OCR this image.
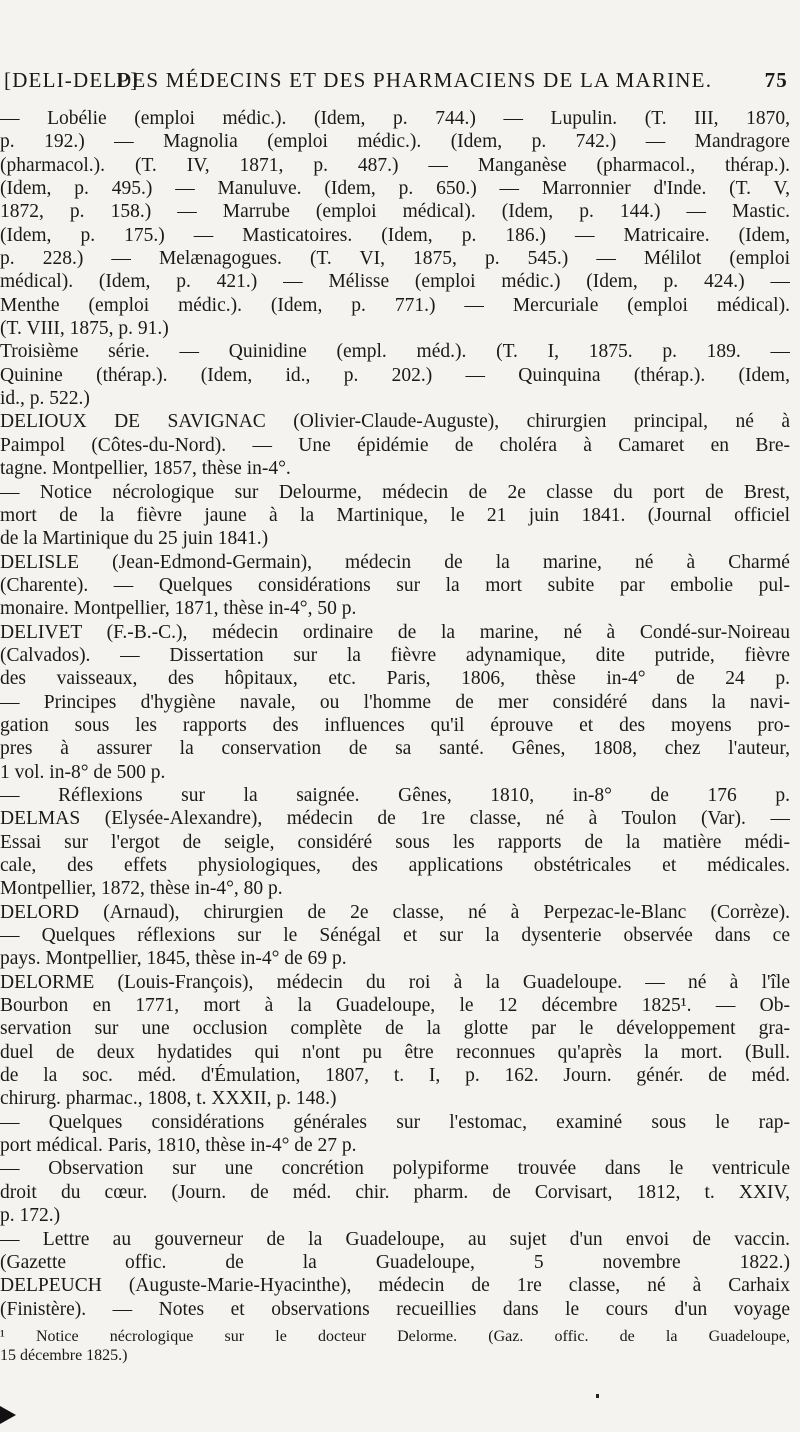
[DELI-DELP]
DES MÉDECINS ET DES PHARMACIENS DE LA MARINE. 75
— Lobélie (emploi médic.). (Idem, p. 744.) — Lupulin. (T. III, 1870,
p. 192.) — Magnolia (emploi médic.). (Idem, p. 742.) — Mandragore
(pharmacol.). (T. IV, 1871, p. 487.) — Manganèse (pharmacol., thérap.).
(Idem, p. 495.) — Manuluve. (Idem, p. 650.) — Marronnier d'Inde. (T. V,
1872, p. 158.) — Marrube (emploi médical). (Idem, p. 144.) — Mastic.
(Idem, p. 175.) — Masticatoires. (Idem, p. 186.) — Matricaire. (Idem,
p. 228.) — Melænagogues. (T. VI, 1875, p. 545.) — Mélilot (emploi
médical). (Idem, p. 421.) — Mélisse (emploi médic.) (Idem, p. 424.) —
Menthe (emploi médic.). (Idem, p. 771.) — Mercuriale (emploi médical).
(T. VIII, 1875, p. 91.)
Troisième série. — Quinidine (empl. méd.). (T. I, 1875. p. 189. —
Quinine (thérap.). (Idem, id., p. 202.) — Quinquina (thérap.). (Idem,
id., p. 522.)
DELIOUX DE SAVIGNAC (Olivier-Claude-Auguste), chirurgien principal, né à
Paimpol (Côtes-du-Nord). — Une épidémie de choléra à Camaret en Bre-
tagne. Montpellier, 1857, thèse in-4°.
— Notice nécrologique sur Delourme, médecin de 2e classe du port de Brest,
mort de la fièvre jaune à la Martinique, le 21 juin 1841. (Journal officiel
de la Martinique du 25 juin 1841.)
DELISLE (Jean-Edmond-Germain), médecin de la marine, né à Charmé
(Charente). — Quelques considérations sur la mort subite par embolie pul-
monaire. Montpellier, 1871, thèse in-4°, 50 p.
DELIVET (F.-B.-C.), médecin ordinaire de la marine, né à Condé-sur-Noireau
(Calvados). — Dissertation sur la fièvre adynamique, dite putride, fièvre
des vaisseaux, des hôpitaux, etc. Paris, 1806, thèse in-4° de 24 p.
— Principes d'hygiène navale, ou l'homme de mer considéré dans la navi-
gation sous les rapports des influences qu'il éprouve et des moyens pro-
pres à assurer la conservation de sa santé. Gênes, 1808, chez l'auteur,
1 vol. in-8° de 500 p.
— Réflexions sur la saignée. Gênes, 1810, in-8° de 176 p.
DELMAS (Elysée-Alexandre), médecin de 1re classe, né à Toulon (Var). —
Essai sur l'ergot de seigle, considéré sous les rapports de la matière médi-
cale, des effets physiologiques, des applications obstétricales et médicales.
Montpellier, 1872, thèse in-4°, 80 p.
DELORD (Arnaud), chirurgien de 2e classe, né à Perpezac-le-Blanc (Corrèze).
— Quelques réflexions sur le Sénégal et sur la dysenterie observée dans ce
pays. Montpellier, 1845, thèse in-4° de 69 p.
DELORME (Louis-François), médecin du roi à la Guadeloupe. — né à l'île
Bourbon en 1771, mort à la Guadeloupe, le 12 décembre 1825¹. — Ob-
servation sur une occlusion complète de la glotte par le développement gra-
duel de deux hydatides qui n'ont pu être reconnues qu'après la mort. (Bull.
de la soc. méd. d'Émulation, 1807, t. I, p. 162. Journ. génér. de méd.
chirurg. pharmac., 1808, t. XXXII, p. 148.)
— Quelques considérations générales sur l'estomac, examiné sous le rap-
port médical. Paris, 1810, thèse in-4° de 27 p.
— Observation sur une concrétion polypiforme trouvée dans le ventricule
droit du cœur. (Journ. de méd. chir. pharm. de Corvisart, 1812, t. XXIV,
p. 172.)
— Lettre au gouverneur de la Guadeloupe, au sujet d'un envoi de vaccin.
(Gazette offic. de la Guadeloupe, 5 novembre 1822.)
DELPEUCH (Auguste-Marie-Hyacinthe), médecin de 1re classe, né à Carhaix
(Finistère). — Notes et observations recueillies dans le cours d'un voyage
¹ Notice nécrologique sur le docteur Delorme. (Gaz. offic. de la Guadeloupe,
15 décembre 1825.)
